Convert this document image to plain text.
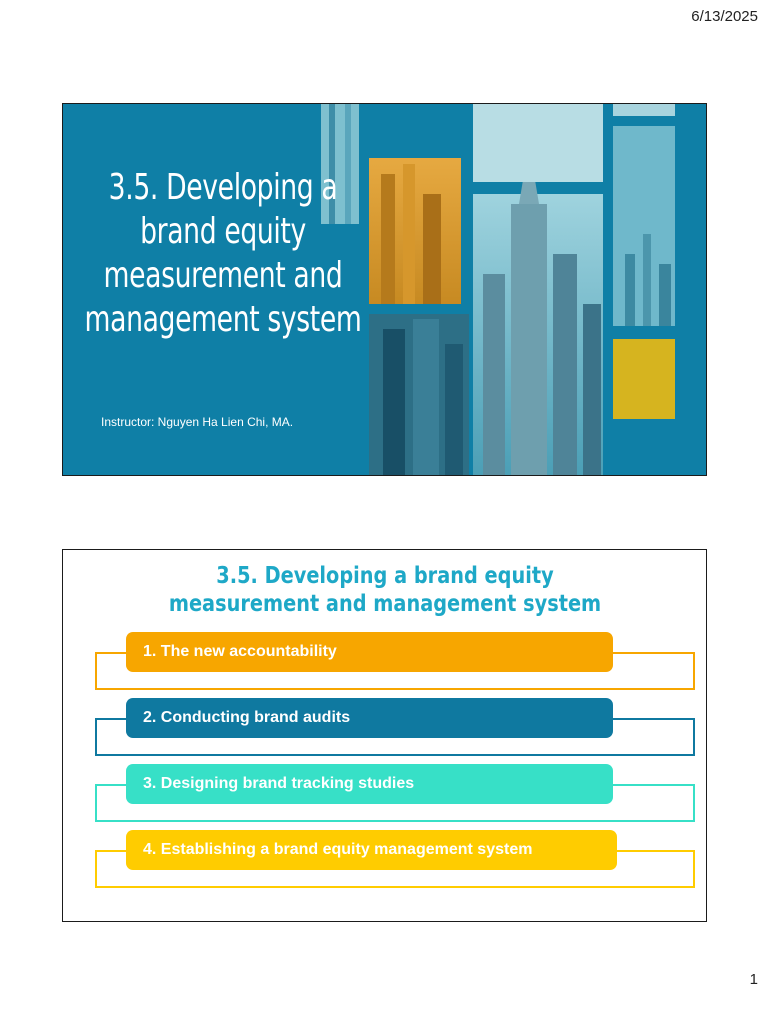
6/13/2025
3.5. Developing a brand equity measurement and management system
Instructor: Nguyen Ha Lien Chi, MA.
3.5. Developing a brand equity measurement and management system
1. The new accountability
2. Conducting brand audits
3. Designing brand tracking studies
4. Establishing a brand equity management system
1
